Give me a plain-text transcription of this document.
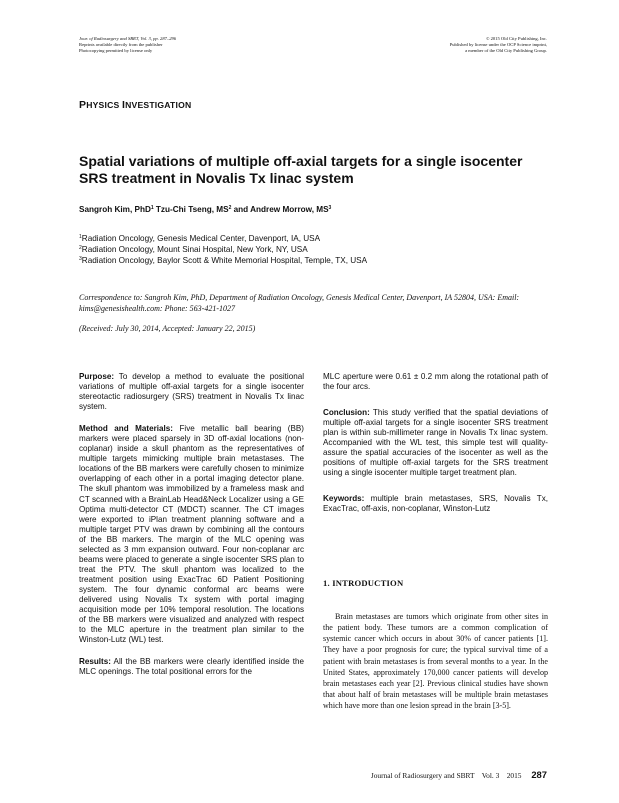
Jour. of Radiosurgery and SBRT, Vol. 3, pp. 287–296
Reprints available directly from the publisher
Photocopying permitted by license only
© 2015 Old City Publishing, Inc.
Published by license under the OCP Science imprint,
a member of the Old City Publishing Group.
PHYSICS INVESTIGATION
Spatial variations of multiple off-axial targets for a single isocenter SRS treatment in Novalis Tx linac system
Sangroh Kim, PhD$^1$ Tzu-Chi Tseng, $MS^2$ and Andrew Morrow, $MS^3$
$^1$Radiation Oncology, Genesis Medical Center, Davenport, IA, USA
$^2$Radiation Oncology, Mount Sinai Hospital, New York, NY, USA
$^3$Radiation Oncology, Baylor Scott & White Memorial Hospital, Temple, TX, USA
Correspondence to: Sangroh Kim, PhD, Department of Radiation Oncology, Genesis Medical Center, Davenport, IA 52804, USA: Email: kims@genesishealth.com: Phone: 563-421-1027
(Received: July 30, 2014, Accepted: January 22, 2015)

Purpose: To develop a method to evaluate the positional variations of multiple off-axial targets for a single isocenter stereotactic radiosurgery (SRS) treatment in Novalis Tx linac system.

Method and Materials: Five metallic ball bearing (BB) markers were placed sparsely in 3D off-axial locations (non-coplanar) inside a skull phantom as the representatives of multiple targets mimicking multiple brain metastases. The locations of the BB markers were carefully chosen to minimize overlapping of each other in a portal imaging detector plane. The skull phantom was immobilized by a frameless mask and CT scanned with a BrainLab Head&Neck Localizer using a GE Optima multi-detector CT (MDCT) scanner. The CT images were exported to iPlan treatment planning software and a multiple target PTV was drawn by combining all the contours of the BB markers. The margin of the MLC opening was selected as 3 mm expansion outward. Four non-coplanar arc beams were placed to generate a single isocenter SRS plan to treat the PTV. The skull phantom was localized to the treatment position using ExacTrac 6D Patient Positioning system. The four dynamic conformal arc beams were delivered using Novalis Tx system with portal imaging acquisition mode per 10% temporal resolution. The locations of the BB markers were visualized and analyzed with respect to the MLC aperture in the treatment plan similar to the Winston-Lutz (WL) test.

Results: All the BB markers were clearly identified inside the MLC openings. The total positional errors for the

MLC aperture were 0.61 ± 0.2 mm along the rotational path of the four arcs.

Conclusion: This study verified that the spatial deviations of multiple off-axial targets for a single isocenter SRS treatment plan is within sub-millimeter range in Novalis Tx linac system. Accompanied with the WL test, this simple test will quality-assure the spatial accuracies of the isocenter as well as the positions of multiple off-axial targets for the SRS treatment using a single isocenter multiple target treatment plan.

Keywords: multiple brain metastases, SRS, Novalis Tx, ExacTrac, off-axis, non-coplanar, Winston-Lutz

1. INTRODUCTION

Brain metastases are tumors which originate from other sites in the patient body. These tumors are a common complication of systemic cancer which occurs in about 30% of cancer patients [1]. They have a poor prognosis for cure; the typical survival time of a patient with brain metastases is from several months to a year. In the United States, approximately 170,000 cancer patients will develop brain metastases each year [2]. Previous clinical studies have shown that about half of brain metastases will be multiple brain metastases which have more than one lesion spread in the brain [3-5].

Journal of Radiosurgery and SBRT Vol. 3 2015 287
